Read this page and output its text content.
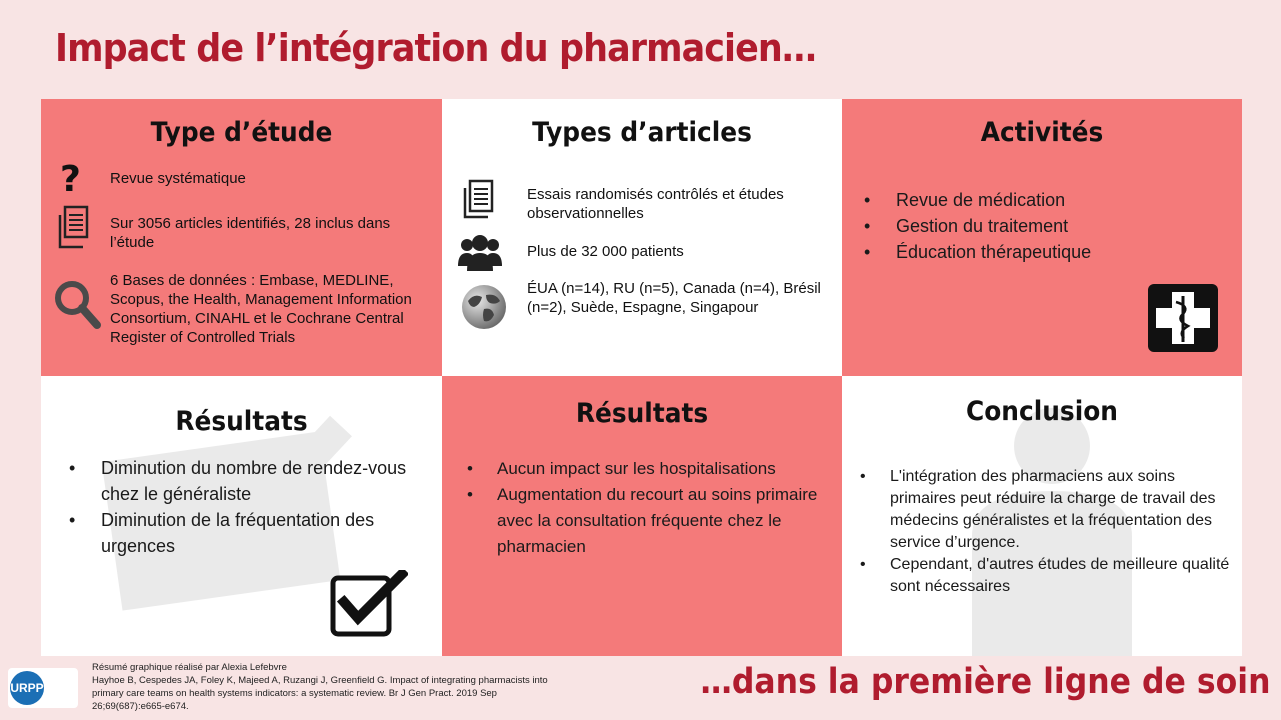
Impact de l’intégration du pharmacien…
Type d’étude
? Revue systématique
Sur 3056 articles identifiés, 28 inclus dans l’étude
6 Bases de données : Embase, MEDLINE, Scopus, the Health, Management Information Consortium, CINAHL et le Cochrane Central Register of Controlled Trials
Types d’articles
Essais randomisés contrôlés et études observationnelles
Plus de 32 000 patients
ÉUA (n=14), RU (n=5), Canada (n=4), Brésil (n=2), Suède, Espagne, Singapour
Activités
• Revue de médication
• Gestion du traitement
• Éducation thérapeutique
Résultats
• Diminution du nombre de rendez-vous chez le généraliste
• Diminution de la fréquentation des urgences
Résultats
• Aucun impact sur les hospitalisations
• Augmentation du recourt au soins primaire avec la consultation fréquente chez le pharmacien
Conclusion
• L'intégration des pharmaciens aux soins primaires peut réduire la charge de travail des médecins généralistes et la fréquentation des service d’urgence.
• Cependant, d'autres études de meilleure qualité sont nécessaires
URPP
Résumé graphique réalisé par Alexia Lefebvre
Hayhoe B, Cespedes JA, Foley K, Majeed A, Ruzangi J, Greenfield G. Impact of integrating pharmacists into primary care teams on health systems indicators: a systematic review. Br J Gen Pract. 2019 Sep 26;69(687):e665-e674.
…dans la première ligne de soin
